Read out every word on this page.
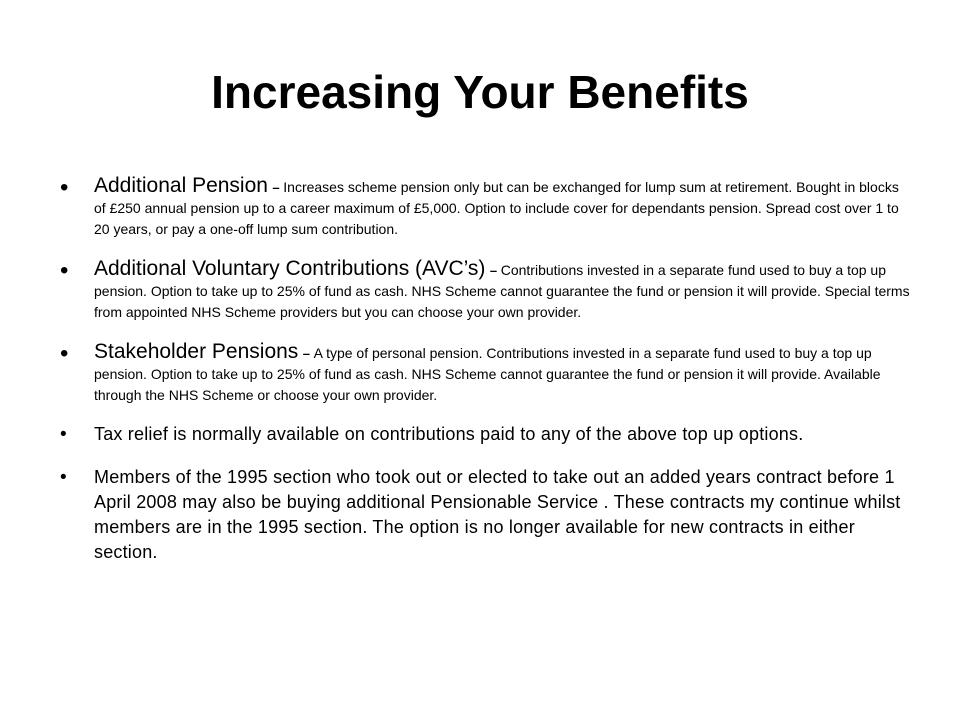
Increasing Your Benefits
• Additional Pension – Increases scheme pension only but can be exchanged for lump sum at retirement. Bought in blocks of £250 annual pension up to a career maximum of £5,000. Option to include cover for dependants pension. Spread cost over 1 to 20 years, or pay a one-off lump sum contribution.
• Additional Voluntary Contributions (AVC’s) – Contributions invested in a separate fund used to buy a top up pension. Option to take up to 25% of fund as cash. NHS Scheme cannot guarantee the fund or pension it will provide. Special terms from appointed NHS Scheme providers but you can choose your own provider.
• Stakeholder Pensions – A type of personal pension. Contributions invested in a separate fund used to buy a top up pension. Option to take up to 25% of fund as cash. NHS Scheme cannot guarantee the fund or pension it will provide. Available through the NHS Scheme or choose your own provider.
• Tax relief is normally available on contributions paid to any of the above top up options.
• Members of the 1995 section who took out or elected to take out an added years contract before 1 April 2008 may also be buying additional Pensionable Service . These contracts my continue whilst members are in the 1995 section. The option is no longer available for new contracts in either section.
